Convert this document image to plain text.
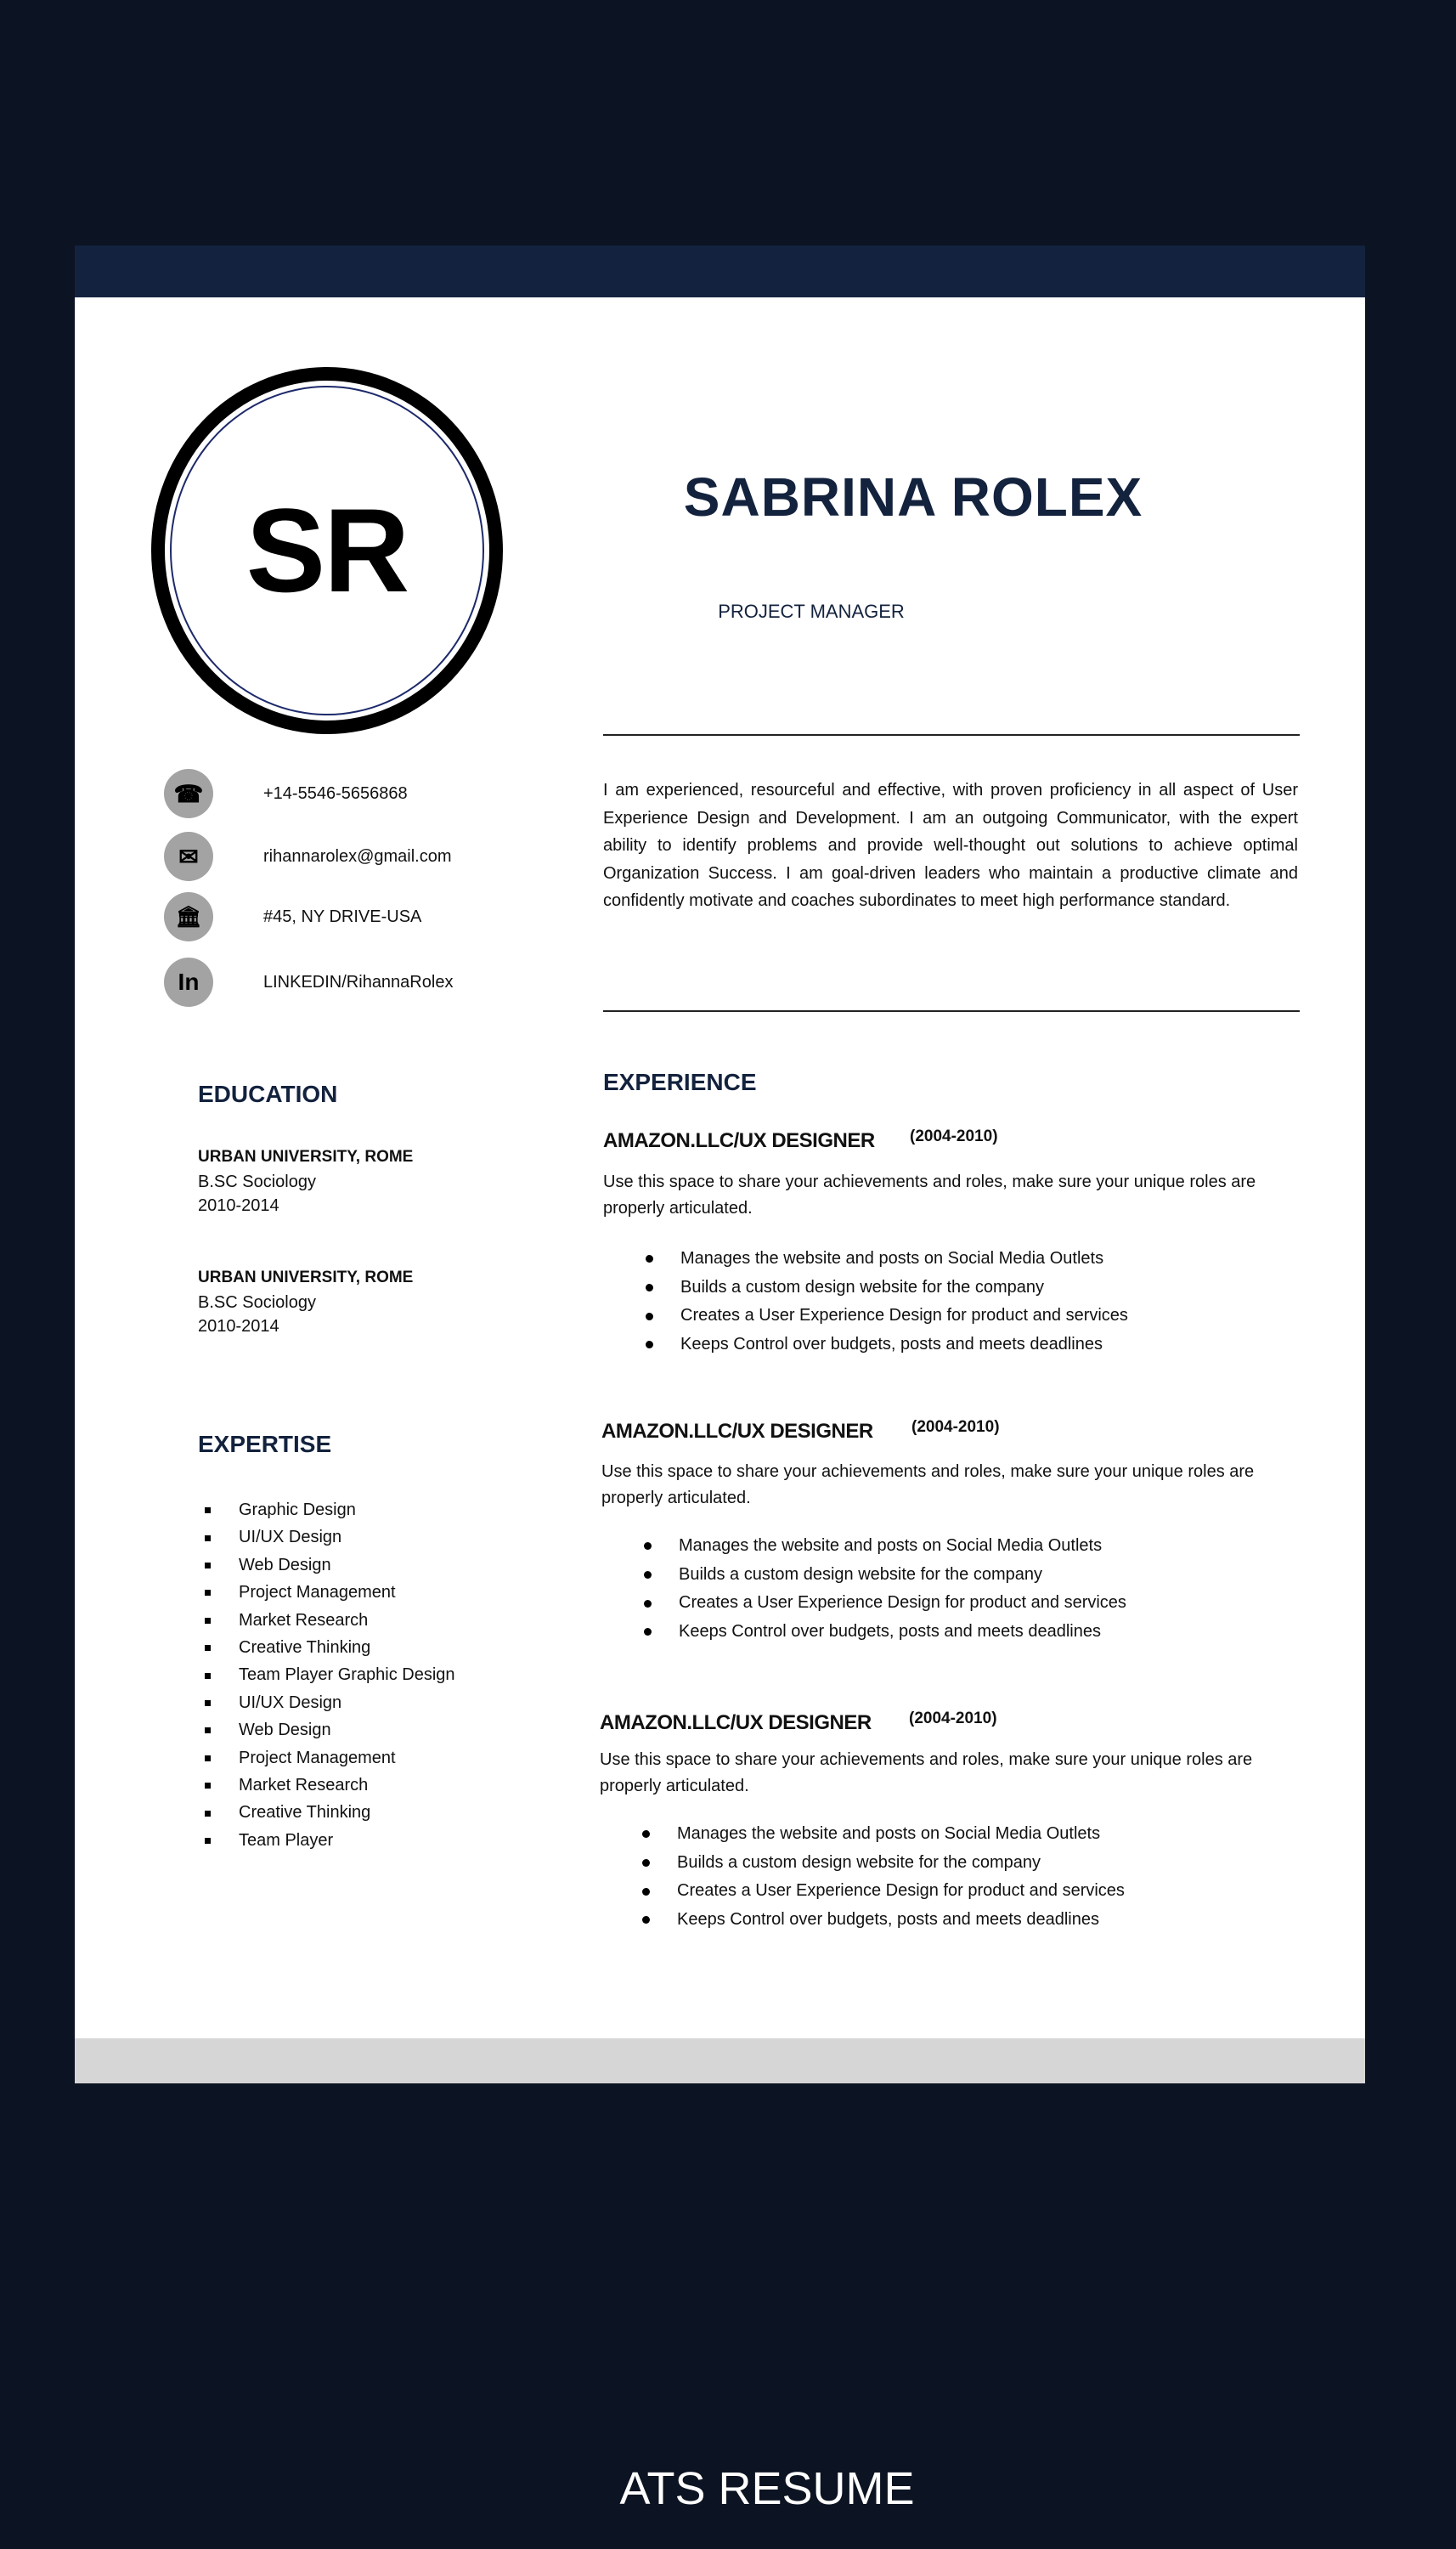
SR	SABRINA ROLEX
PROJECT MANAGER
I am experienced, resourceful and effective, with proven proficiency in all aspect of User Experience Design and Development. I am an outgoing Communicator, with the expert ability to identify problems and provide well-thought out solutions to achieve optimal Organization Success. I am goal-driven leaders who maintain a productive climate and confidently motivate and coaches subordinates to meet high performance standard.
☎	+14-5546-5656868
✉	rihannarolex@gmail.com
🏛	#45, NY DRIVE-USA
In	LINKEDIN/RihannaRolex
EDUCATION
URBAN UNIVERSITY, ROME
B.SC Sociology
2010-2014
URBAN UNIVERSITY, ROME
B.SC Sociology
2010-2014
EXPERTISE
Graphic Design
UI/UX Design
Web Design
Project Management
Market Research
Creative Thinking
Team Player Graphic Design
UI/UX Design
Web Design
Project Management
Market Research
Creative Thinking
Team Player
EXPERIENCE
AMAZON.LLC/UX DESIGNER (2004-2010)
Use this space to share your achievements and roles, make sure your unique roles are properly articulated.
Manages the website and posts on Social Media Outlets
Builds a custom design website for the company
Creates a User Experience Design for product and services
Keeps Control over budgets, posts and meets deadlines
AMAZON.LLC/UX DESIGNER (2004-2010)
Use this space to share your achievements and roles, make sure your unique roles are properly articulated.
Manages the website and posts on Social Media Outlets
Builds a custom design website for the company
Creates a User Experience Design for product and services
Keeps Control over budgets, posts and meets deadlines
AMAZON.LLC/UX DESIGNER (2004-2010)
Use this space to share your achievements and roles, make sure your unique roles are properly articulated.
Manages the website and posts on Social Media Outlets
Builds a custom design website for the company
Creates a User Experience Design for product and services
Keeps Control over budgets, posts and meets deadlines
ATS RESUME
